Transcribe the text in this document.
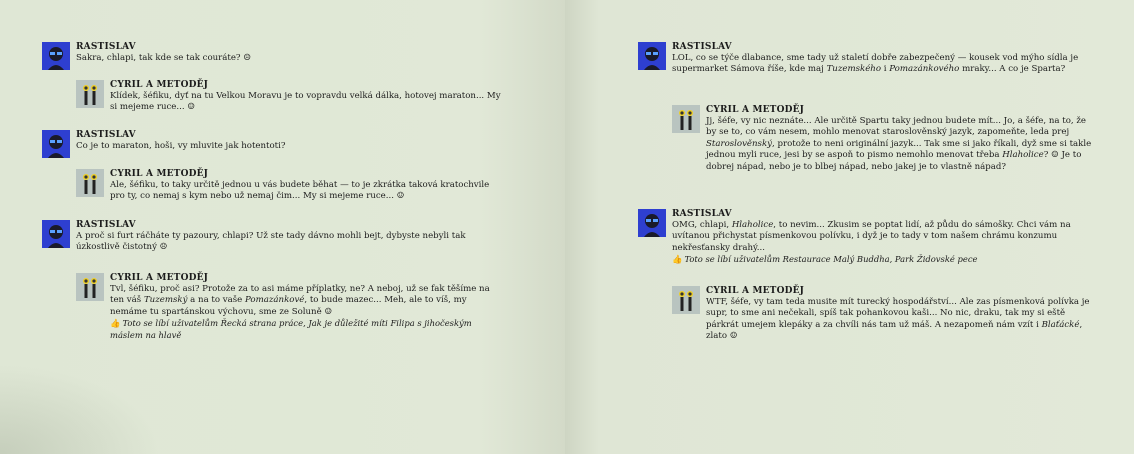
RASTISLAV
Sakra, chlapi, tak kde se tak couráte? ☹
CYRIL A METODĚJ
Klídek, šéfiku, dyť na tu Velkou Moravu je to vopravdu velká dálka, hotovej maraton... My si mejeme ruce... ☺
RASTISLAV
Co je to maraton, hoši, vy mluvite jak hotentoti?
CYRIL A METODĚJ
Ale, šéfiku, to taky určitě jednou u vás budete běhat — to je zkrátka taková kratochvile pro ty, co nemaj s kym nebo už nemaj čim... My si mejeme ruce... ☺
RASTISLAV
A proč si furt ráčháte ty pazoury, chlapi? Už ste tady dávno mohli bejt, dybyste nebyli tak úzkostlivě čistotný ☹
CYRIL A METODĚJ
Tvl, šéfiku, proč asi? Protože za to asi máme příplatky, ne? A neboj, už se fak těšíme na ten váš Tuzemský a na to vaše Pomazánkové, to bude mazec... Meh, ale to víš, my nemáme tu spartánskou výchovu, sme ze Soluně ☺
👍 Toto se líbí uživatelům Řecká strana práce, Jak je důležité míti Filipa s jihočeským máslem na hlavě
RASTISLAV
LOL, co se týče dlabance, sme tady už staletí dobře zabezpečený — kousek vod mýho sídla je supermarket Sámova říše, kde maj Tuzemského i Pomazánkového mraky... A co je Sparta?
CYRIL A METODĚJ
Jj, šéfe, vy nic neznáte... Ale určitě Spartu taky jednou budete mít... Jo, a šéfe, na to, že by se to, co vám nesem, mohlo menovat staroslověnský jazyk, zapomeňte, leda prej Staroslověnský, protože to neni originální jazyk... Tak sme si jako říkali, dyž sme si takle jednou myli ruce, jesi by se aspoň to pismo nemohlo menovat třeba Hlaholice? ☺ Je to dobrej nápad, nebo je to blbej nápad, nebo jakej je to vlastně nápad?
RASTISLAV
OMG, chlapi, Hlaholice, to nevim... Zkusim se poptat lidí, až půdu do sámošky. Chci vám na uvítanou přichystat písmenkovou polívku, i dyž je to tady v tom našem chrámu konzumu nekřesťansky drahý...
👍 Toto se líbí uživatelům Restaurace Malý Buddha, Park Židovské pece
CYRIL A METODĚJ
WTF, šéfe, vy tam teda musite mít turecký hospodářství... Ale zas písmenková polívka je supr, to sme ani nečekali, spíš tak pohankovou kaši... No nic, draku, tak my si eště párkrát umejem klepáky a za chvíli nás tam už máš. A nezapomeň nám vzít i Blaťácké, zlato ☺
